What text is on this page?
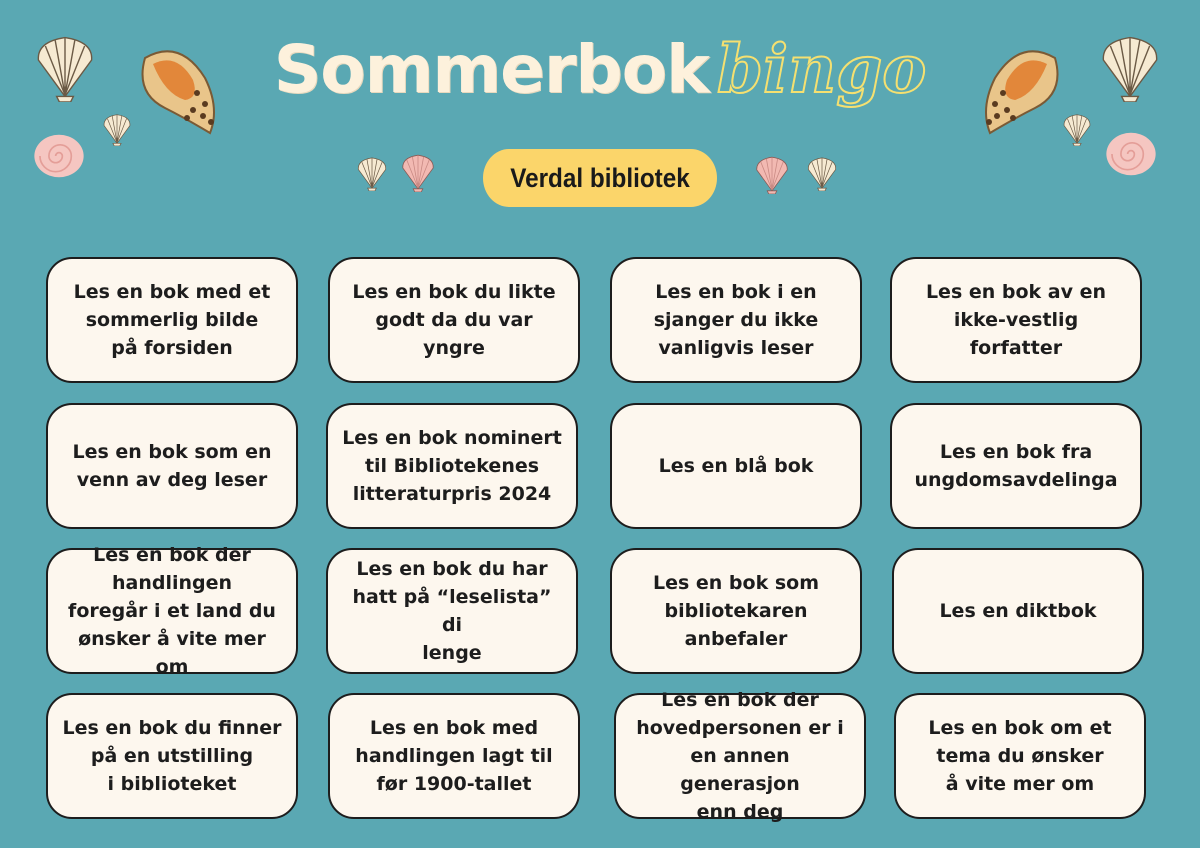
Sommerbok bingo
Verdal bibliotek
Les en bok med et
sommerlig bilde
på forsiden
Les en bok du likte
godt da du var yngre
Les en bok i en
sjanger du ikke
vanligvis leser
Les en bok av en
ikke-vestlig
forfatter
Les en bok som en
venn av deg leser
Les en bok nominert
til Bibliotekenes
litteraturpris 2024
Les en blå bok
Les en bok fra
ungdomsavdelinga
Les en bok der
handlingen
foregår i et land du
ønsker å vite mer om
Les en bok du har
hatt på “leselista” di
lenge
Les en bok som
bibliotekaren
anbefaler
Les en diktbok
Les en bok du finner
på en utstilling
i biblioteket
Les en bok med
handlingen lagt til
før 1900-tallet
Les en bok der
hovedpersonen er i
en annen generasjon
enn deg
Les en bok om et
tema du ønsker
å vite mer om
